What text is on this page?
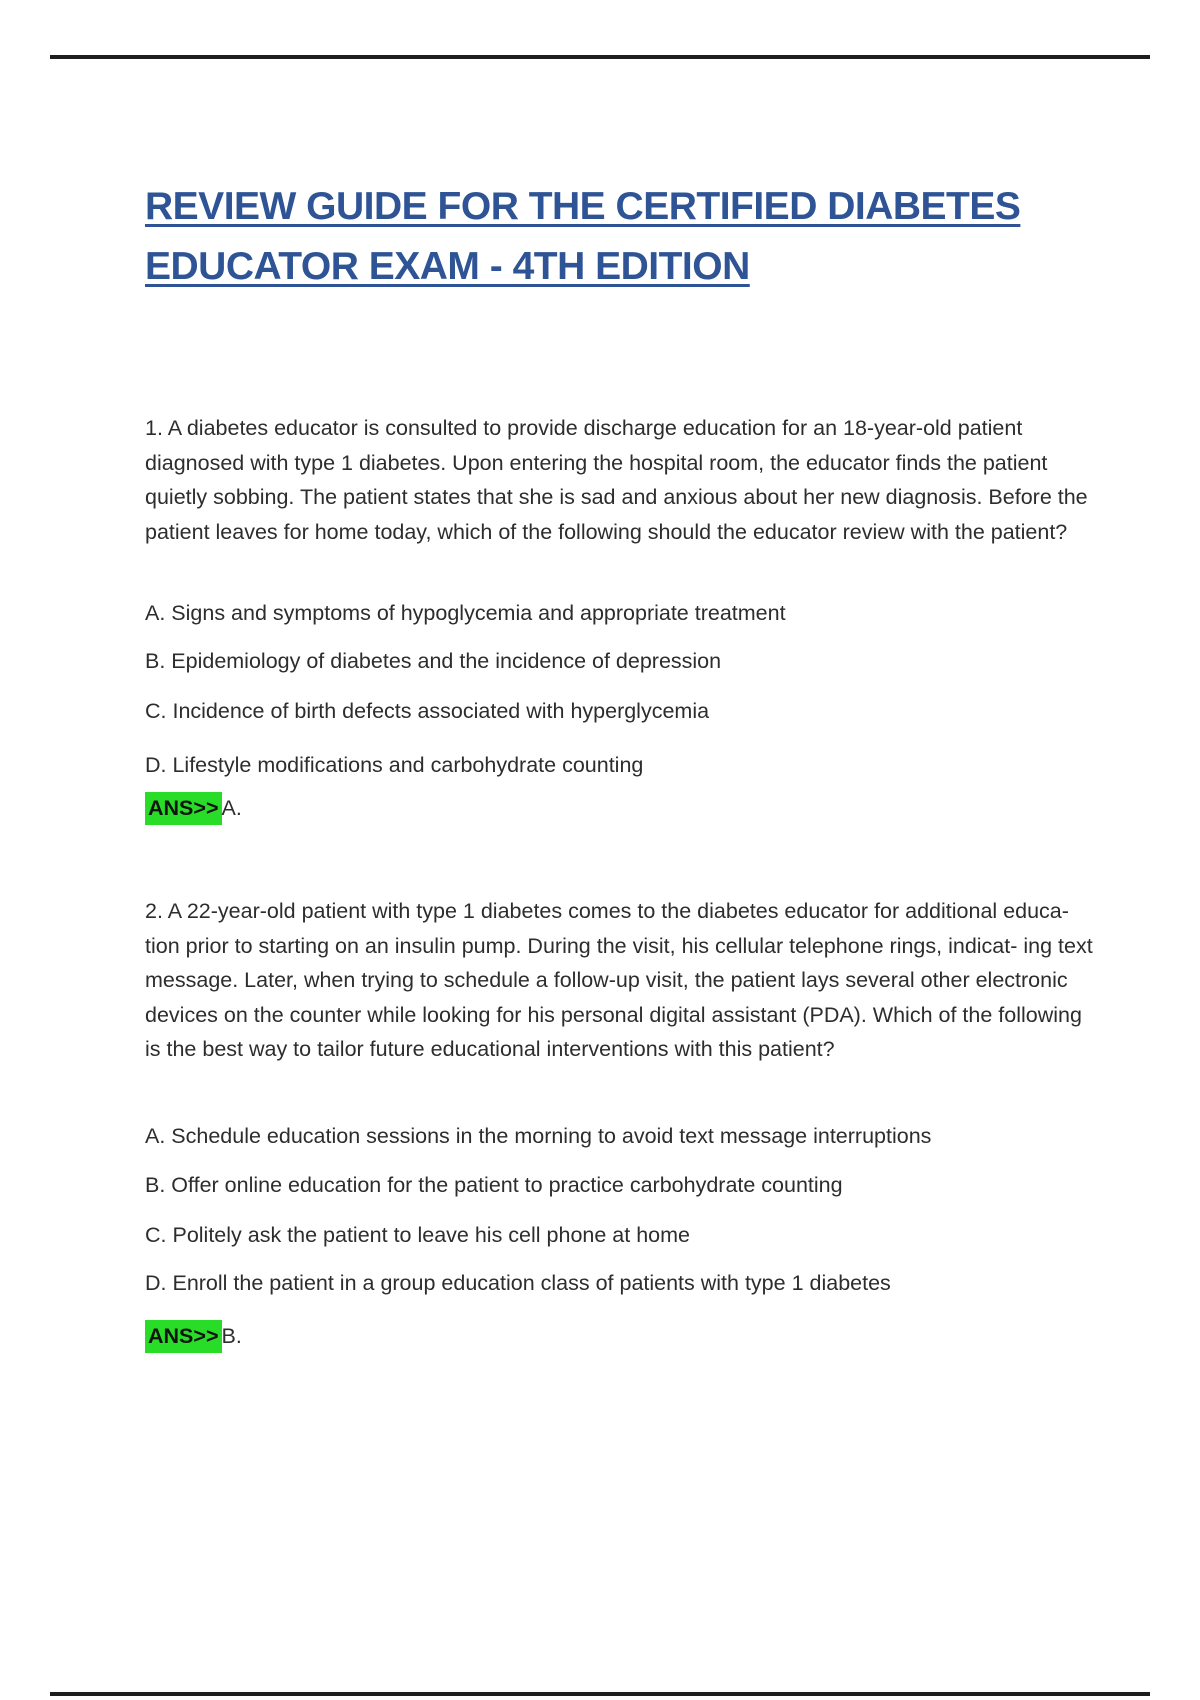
REVIEW GUIDE FOR THE CERTIFIED DIABETES
EDUCATOR EXAM - 4TH EDITION
1. A diabetes educator is consulted to provide discharge education for an 18-year-old patient diagnosed with type 1 diabetes. Upon entering the hospital room, the educator finds the patient quietly sobbing. The patient states that she is sad and anxious about her new diagnosis. Before the patient leaves for home today, which of the following should the educator review with the patient?
A. Signs and symptoms of hypoglycemia and appropriate treatment
B. Epidemiology of diabetes and the incidence of depression
C. Incidence of birth defects associated with hyperglycemia
D. Lifestyle modifications and carbohydrate counting
ANS>> A.
2. A 22-year-old patient with type 1 diabetes comes to the diabetes educator for additional educa- tion prior to starting on an insulin pump. During the visit, his cellular telephone rings, indicat- ing text message. Later, when trying to schedule a follow-up visit, the patient lays several other electronic devices on the counter while looking for his personal digital assistant (PDA). Which of the following is the best way to tailor future educational interventions with this patient?
A. Schedule education sessions in the morning to avoid text message interruptions
B. Offer online education for the patient to practice carbohydrate counting
C. Politely ask the patient to leave his cell phone at home
D. Enroll the patient in a group education class of patients with type 1 diabetes
ANS>> B.
